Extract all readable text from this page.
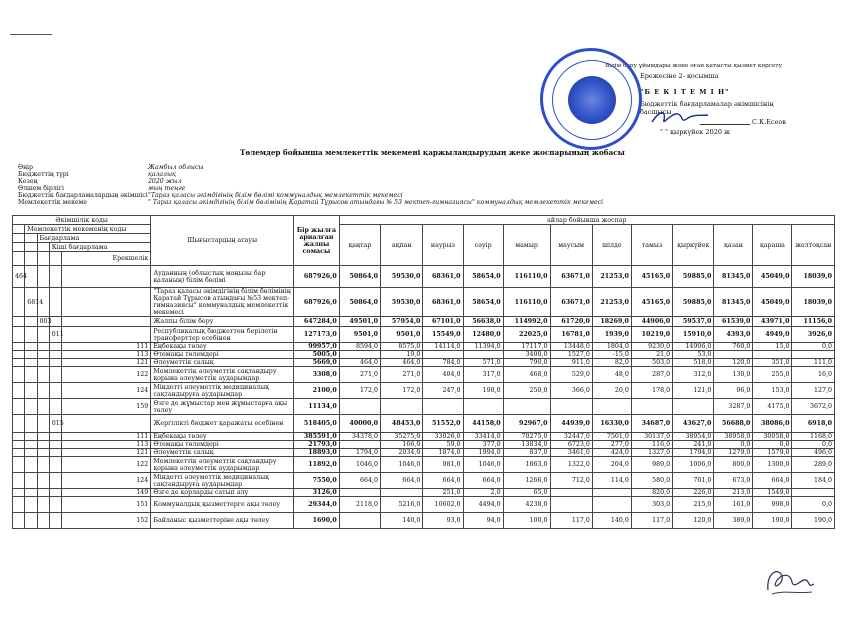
Білім беру ұйымдары және оған қатысты қызмет көрсету
Ережесіне 2- қосымша
"Б Е К І Т Е М І Н"
Бюджеттік бағдарламалар әкімшісінің
басшысы
С.К.Есеов
" " қыркүйек 2020 ж
Төлемдер бойынша мемлекеттік мекемені қаржыландырудың жеке жоспарының жобасы
Өңір	Жамбыл облысы
Бюджеттің түрі	қалалық
Кезең	2020 жыл
Өлшем бірлігі	мың теңге
Бюджеттік бағдарламалардың әкімшісі "Тараз қаласы әкімдігінің білім бөлімі коммуналдық мемлекеттік мекемесі
Мемлекеттік мекеме	" Тараз қаласы әкімдігінің білім бөлімінің Қаратай Тұрысов атындағы № 53 мектеп-гимназиясы" коммуналдық мемлекеттік мекемесі
Әкімшілік коды					Шығыстардың атауы	Бір жылға арналған жалпы сомасы	айлар бойынша жоспар											
	Мемлекеттік мекеменің коды						қаңтар	ақпан	наурыз	сәуір	мамыр	маусым	шілде	тамыз	қыркүйек	қазан	қараша	желтоқсан
		Бағдарлама																
			Кіші бағдарлама															
				Ерекшелік														
464					Ауданның (облыстық маңызы бар қаланың) білім бөлімі	687926,0	50864,0	59530,0	68361,0	58654,0	116110,0	63671,0	21253,0	45165,0	59885,0	81345,0	45049,0	18039,0
	6814				"Тараз қаласы әкімдігінің білім бөлімінің Қаратай Тұрысов атындағы №53 мектеп-гимназиясы" коммуналдық мемлекеттік мекемесі	687926,0	50864,0	59530,0	68361,0	58654,0	116110,0	63671,0	21253,0	45165,0	59885,0	81345,0	45049,0	18039,0
		003			Жалпы білім беру	647284,0	49501,0	57954,0	67101,0	56638,0	114992,0	61720,0	18269,0	44906,0	59537,0	61539,0	43971,0	11156,0
			011		Республикалық бюджеттен берілетін трансферттер есебінен	127173,0	9501,0	9501,0	15549,0	12480,0	22025,0	16781,0	1939,0	10219,0	15910,0	4393,0	4949,0	3926,0
				111	Еңбекақы төлеу	99957,0	8594,0	8575,0	14114,0	11394,0	17117,0	13448,0	1804,0	9230,0	14906,0	760,0	15,0	0,0
				113	Өтемақы төлемдері	5005,0		19,0			3400,0	1527,0	-15,0	21,0	53,0			
				121	Әлеуметтік салық	5669,0	464,0	464,0	784,0	571,0	790,0	911,0	82,0	503,0	518,0	120,0	351,0	111,0
				122	Мемлекеттік әлеуметтік сақтандыру қорына әлеуметтік аударымдар	3308,0	271,0	271,0	404,0	317,0	468,0	529,0	48,0	287,0	312,0	130,0	255,0	16,0
				124	Міндетті әлеуметтік медициналық сақтандыруға аударымдар	2100,0	172,0	172,0	247,0	198,0	250,0	366,0	20,0	178,0	121,0	96,0	153,0	127,0
				159	Өзге де жұмыстар мен жұмыстарға ақы төлеу	11134,0										3287,0	4175,0	3672,0
			015		Жергілікті бюджет қаражаты есебінен	518405,0	40000,0	48453,0	51552,0	44158,0	92967,0	44939,0	16330,0	34687,0	43627,0	56688,0	38086,0	6918,0
				111	Еңбекақы төлеу	385591,0	34378,0	35275,0	33026,0	33414,0	70275,0	32447,0	7501,0	30137,0	38954,0	38958,0	30058,0	1168,0
				113	Өтемақы төлемдері	21793,0		166,0	59,0	377,0	13834,0	6723,0	277,0	116,0	241,0	0,0	0,0	0,0
				121	Әлеуметтік салық	18893,0	1794,0	2034,0	1874,0	1994,0	837,0	3461,0	424,0	1327,0	1794,0	1279,0	1579,0	496,0
				122	Мемлекеттік әлеуметтік сақтандыру қорына әлеуметтік аударымдар	11892,0	1046,0	1046,0	981,0	1046,0	1863,0	1322,0	204,0	989,0	1006,0	800,0	1300,0	289,0
				124	Міндетті әлеуметтік медициналық сақтандыруға аударымдар	7550,0	664,0	664,0	664,0	664,0	1266,0	712,0	114,0	580,0	701,0	673,0	664,0	184,0
				149	Өзге де қорларды сатып алу	3126,0			251,0	2,0	65,0			820,0	226,0	213,0	1549,0	
				151	Коммуналдық қызметтерге ақы төлеу	29344,0	2118,0	5216,0	10602,0	4494,0	4238,0			303,0	215,0	161,0	998,0	0,0
				152	Байланыс қызметтеріне ақы төлеу	1690,0		140,0	93,0	94,0	100,0	117,0	140,0	117,0	120,0	389,0	190,0	190,0
